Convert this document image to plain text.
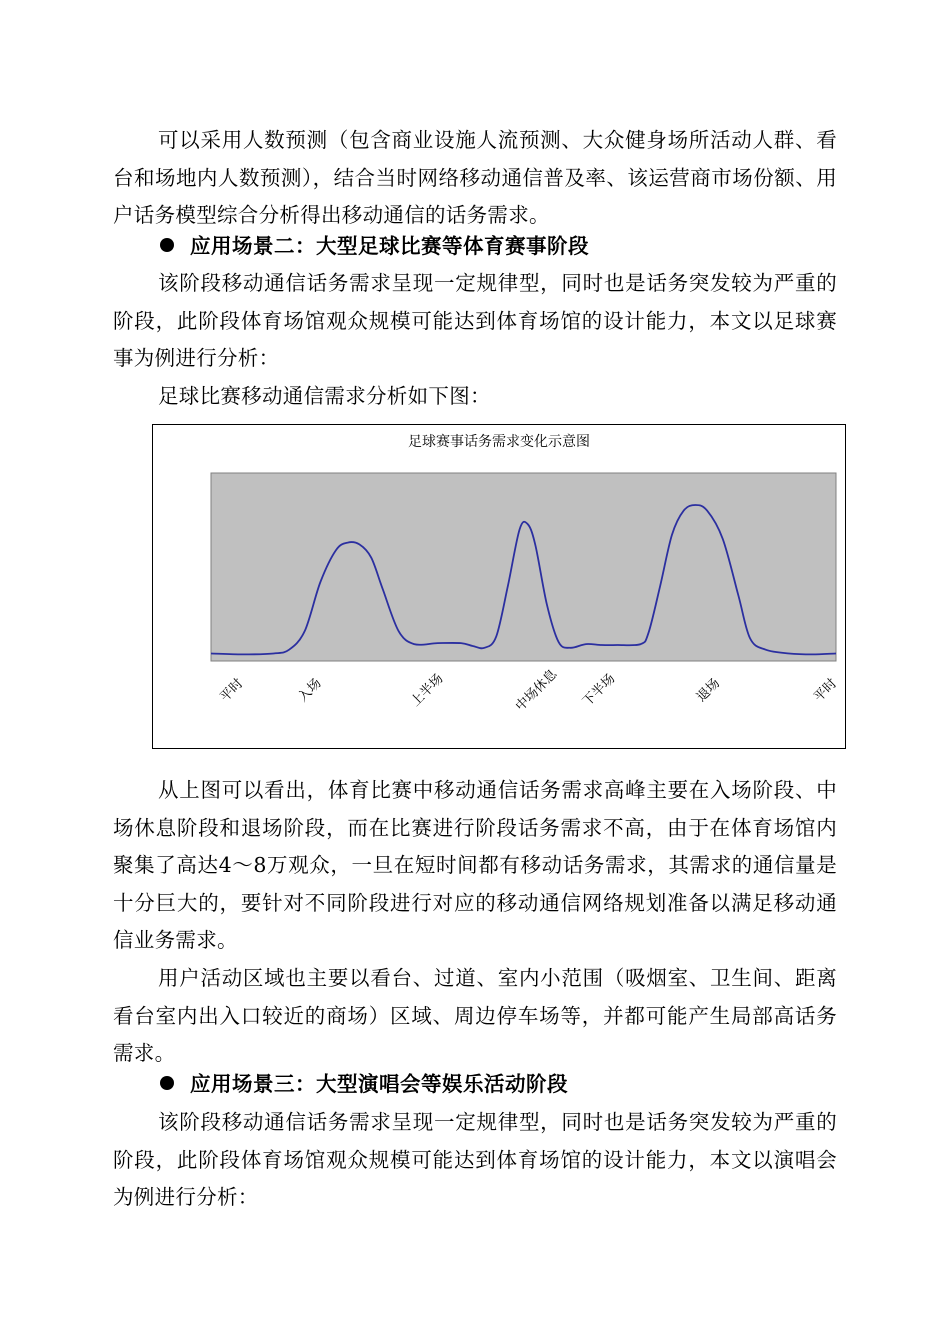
可以采用人数预测（包含商业设施人流预测、大众健身场所活动人群、看台和场地内人数预测），结合当时网络移动通信普及率、该运营商市场份额、用户话务模型综合分析得出移动通信的话务需求。

应用场景二：大型足球比赛等体育赛事阶段

该阶段移动通信话务需求呈现一定规律型，同时也是话务突发较为严重的阶段，此阶段体育场馆观众规模可能达到体育场馆的设计能力，本文以足球赛事为例进行分析：

足球比赛移动通信需求分析如下图：

足球赛事话务需求变化示意图
平时	入场	上半场	中场休息 下半场	退场	平时

从上图可以看出，体育比赛中移动通信话务需求高峰主要在入场阶段、中场休息阶段和退场阶段，而在比赛进行阶段话务需求不高，由于在体育场馆内聚集了高达4～8万观众，一旦在短时间都有移动话务需求，其需求的通信量是十分巨大的，要针对不同阶段进行对应的移动通信网络规划准备以满足移动通信业务需求。

用户活动区域也主要以看台、过道、室内小范围（吸烟室、卫生间、距离看台室内出入口较近的商场）区域、周边停车场等，并都可能产生局部高话务需求。

应用场景三：大型演唱会等娱乐活动阶段

该阶段移动通信话务需求呈现一定规律型，同时也是话务突发较为严重的阶段，此阶段体育场馆观众规模可能达到体育场馆的设计能力，本文以演唱会为例进行分析：
